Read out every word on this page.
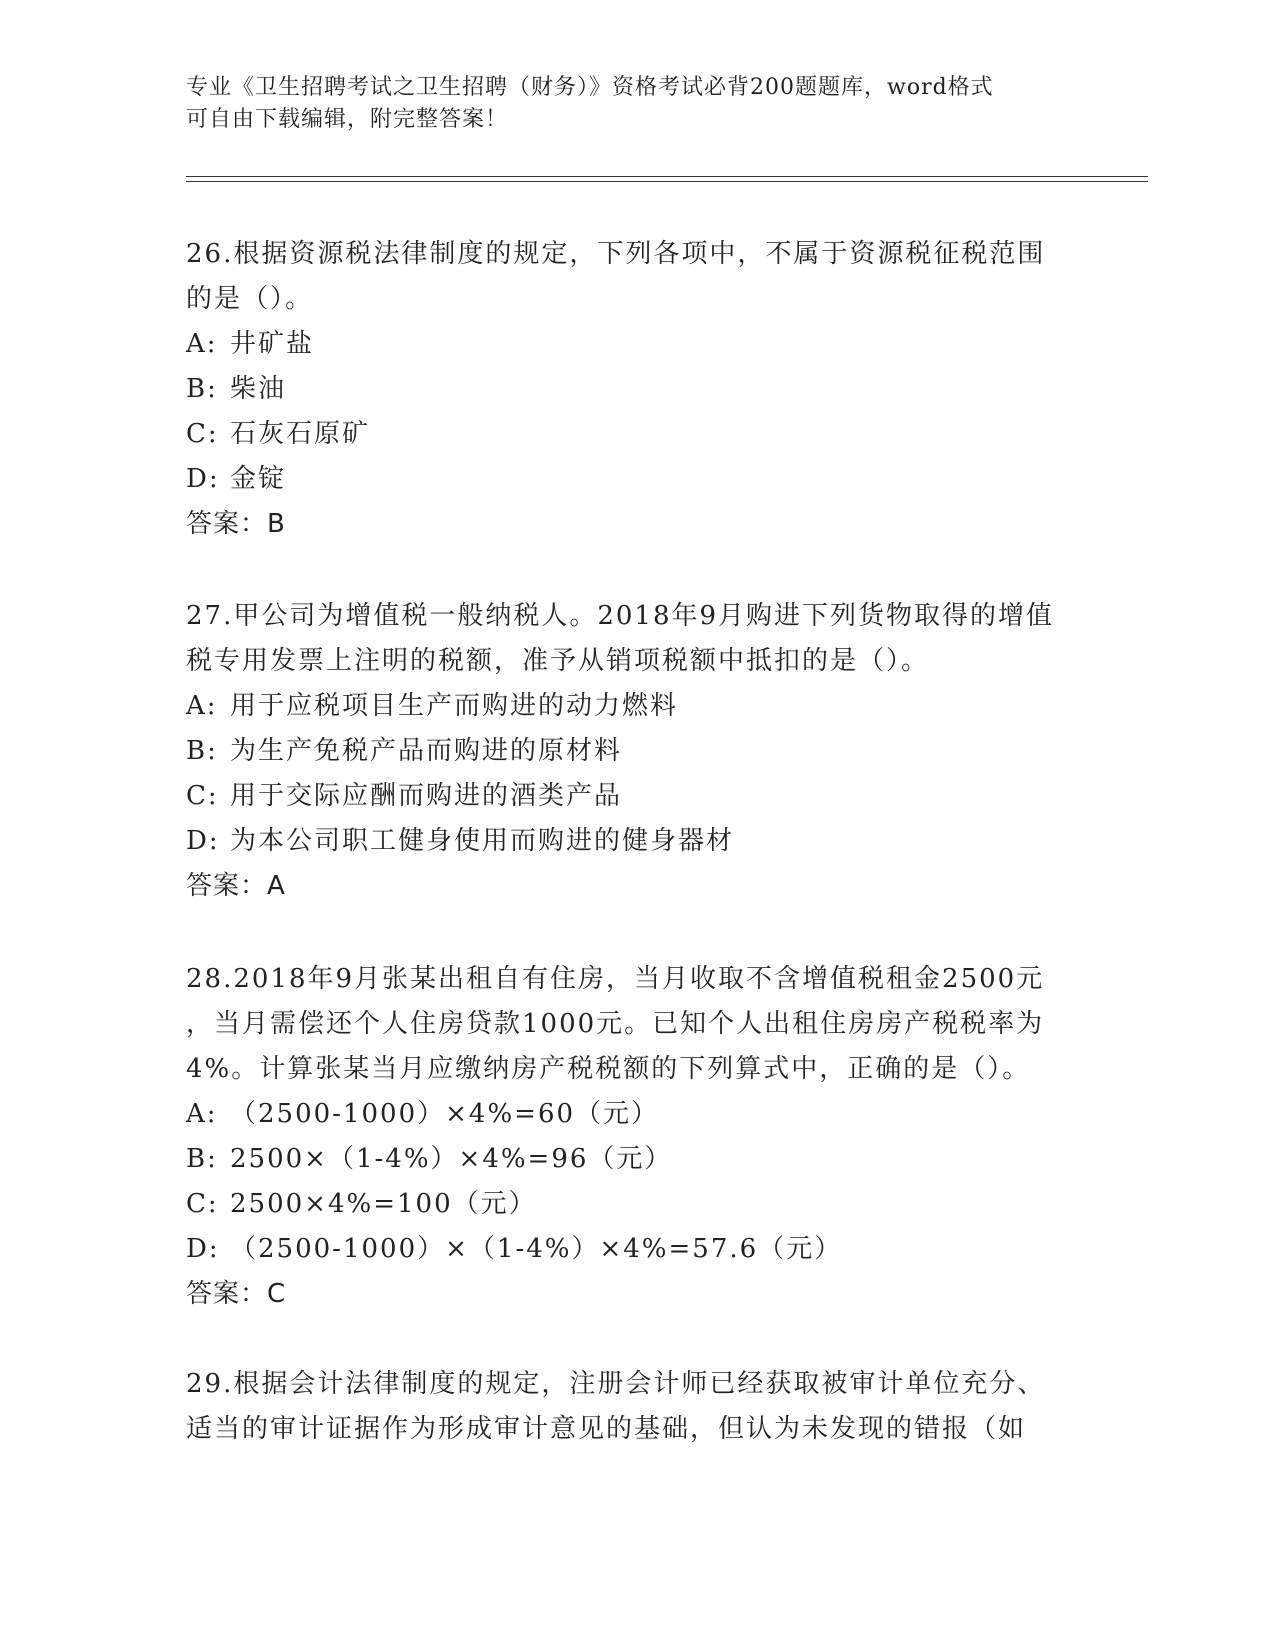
专业《卫生招聘考试之卫生招聘（财务）》资格考试必背200题题库，word格式
可自由下载编辑，附完整答案！
26.根据资源税法律制度的规定，下列各项中，不属于资源税征税范围
的是（）。
A: 井矿盐
B: 柴油
C: 石灰石原矿
D: 金锭
答案：B
27.甲公司为增值税一般纳税人。2018年9月购进下列货物取得的增值
税专用发票上注明的税额，准予从销项税额中抵扣的是（）。
A: 用于应税项目生产而购进的动力燃料
B: 为生产免税产品而购进的原材料
C: 用于交际应酬而购进的酒类产品
D: 为本公司职工健身使用而购进的健身器材
答案：A
28.2018年9月张某出租自有住房，当月收取不含增值税租金2500元
，当月需偿还个人住房贷款1000元。已知个人出租住房房产税税率为
4%。计算张某当月应缴纳房产税税额的下列算式中，正确的是（）。
A: （2500-1000）×4%=60（元）
B: 2500×（1-4%）×4%=96（元）
C: 2500×4%=100（元）
D: （2500-1000）×（1-4%）×4%=57.6（元）
答案：C
29.根据会计法律制度的规定，注册会计师已经获取被审计单位充分、
适当的审计证据作为形成审计意见的基础，但认为未发现的错报（如
